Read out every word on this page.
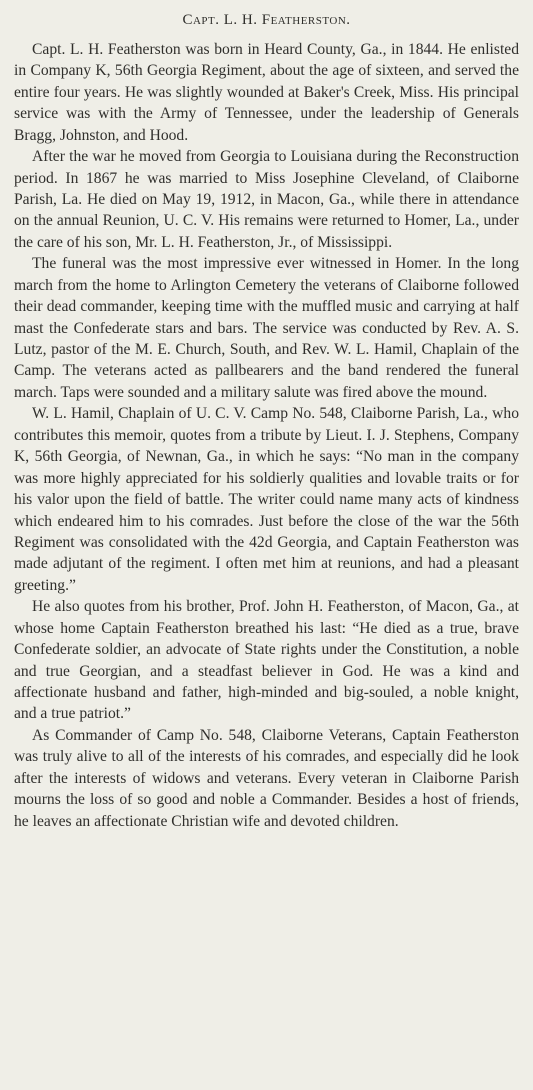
Capt. L. H. Featherston.

Capt. L. H. Featherston was born in Heard County, Ga., in 1844. He enlisted in Company K, 56th Georgia Regiment, about the age of sixteen, and served the entire four years. He was slightly wounded at Baker's Creek, Miss. His principal service was with the Army of Tennessee, under the leadership of Generals Bragg, Johnston, and Hood.

After the war he moved from Georgia to Louisiana during the Reconstruction period. In 1867 he was married to Miss Josephine Cleveland, of Claiborne Parish, La. He died on May 19, 1912, in Macon, Ga., while there in attendance on the annual Reunion, U. C. V. His remains were returned to Homer, La., under the care of his son, Mr. L. H. Featherston, Jr., of Mississippi.

The funeral was the most impressive ever witnessed in Homer. In the long march from the home to Arlington Cemetery the veterans of Claiborne followed their dead commander, keeping time with the muffled music and carrying at half mast the Confederate stars and bars. The service was conducted by Rev. A. S. Lutz, pastor of the M. E. Church, South, and Rev. W. L. Hamil, Chaplain of the Camp. The veterans acted as pallbearers and the band rendered the funeral march. Taps were sounded and a military salute was fired above the mound.

W. L. Hamil, Chaplain of U. C. V. Camp No. 548, Claiborne Parish, La., who contributes this memoir, quotes from a tribute by Lieut. I. J. Stephens, Company K, 56th Georgia, of Newnan, Ga., in which he says: “No man in the company was more highly appreciated for his soldierly qualities and lovable traits or for his valor upon the field of battle. The writer could name many acts of kindness which endeared him to his comrades. Just before the close of the war the 56th Regiment was consolidated with the 42d Georgia, and Captain Featherston was made adjutant of the regiment. I often met him at reunions, and had a pleasant greeting.”

He also quotes from his brother, Prof. John H. Featherston, of Macon, Ga., at whose home Captain Featherston breathed his last: “He died as a true, brave Confederate soldier, an advocate of State rights under the Constitution, a noble and true Georgian, and a steadfast believer in God. He was a kind and affectionate husband and father, high-minded and big-souled, a noble knight, and a true patriot.”

As Commander of Camp No. 548, Claiborne Veterans, Captain Featherston was truly alive to all of the interests of his comrades, and especially did he look after the interests of widows and veterans. Every veteran in Claiborne Parish mourns the loss of so good and noble a Commander. Besides a host of friends, he leaves an affectionate Christian wife and devoted children.
